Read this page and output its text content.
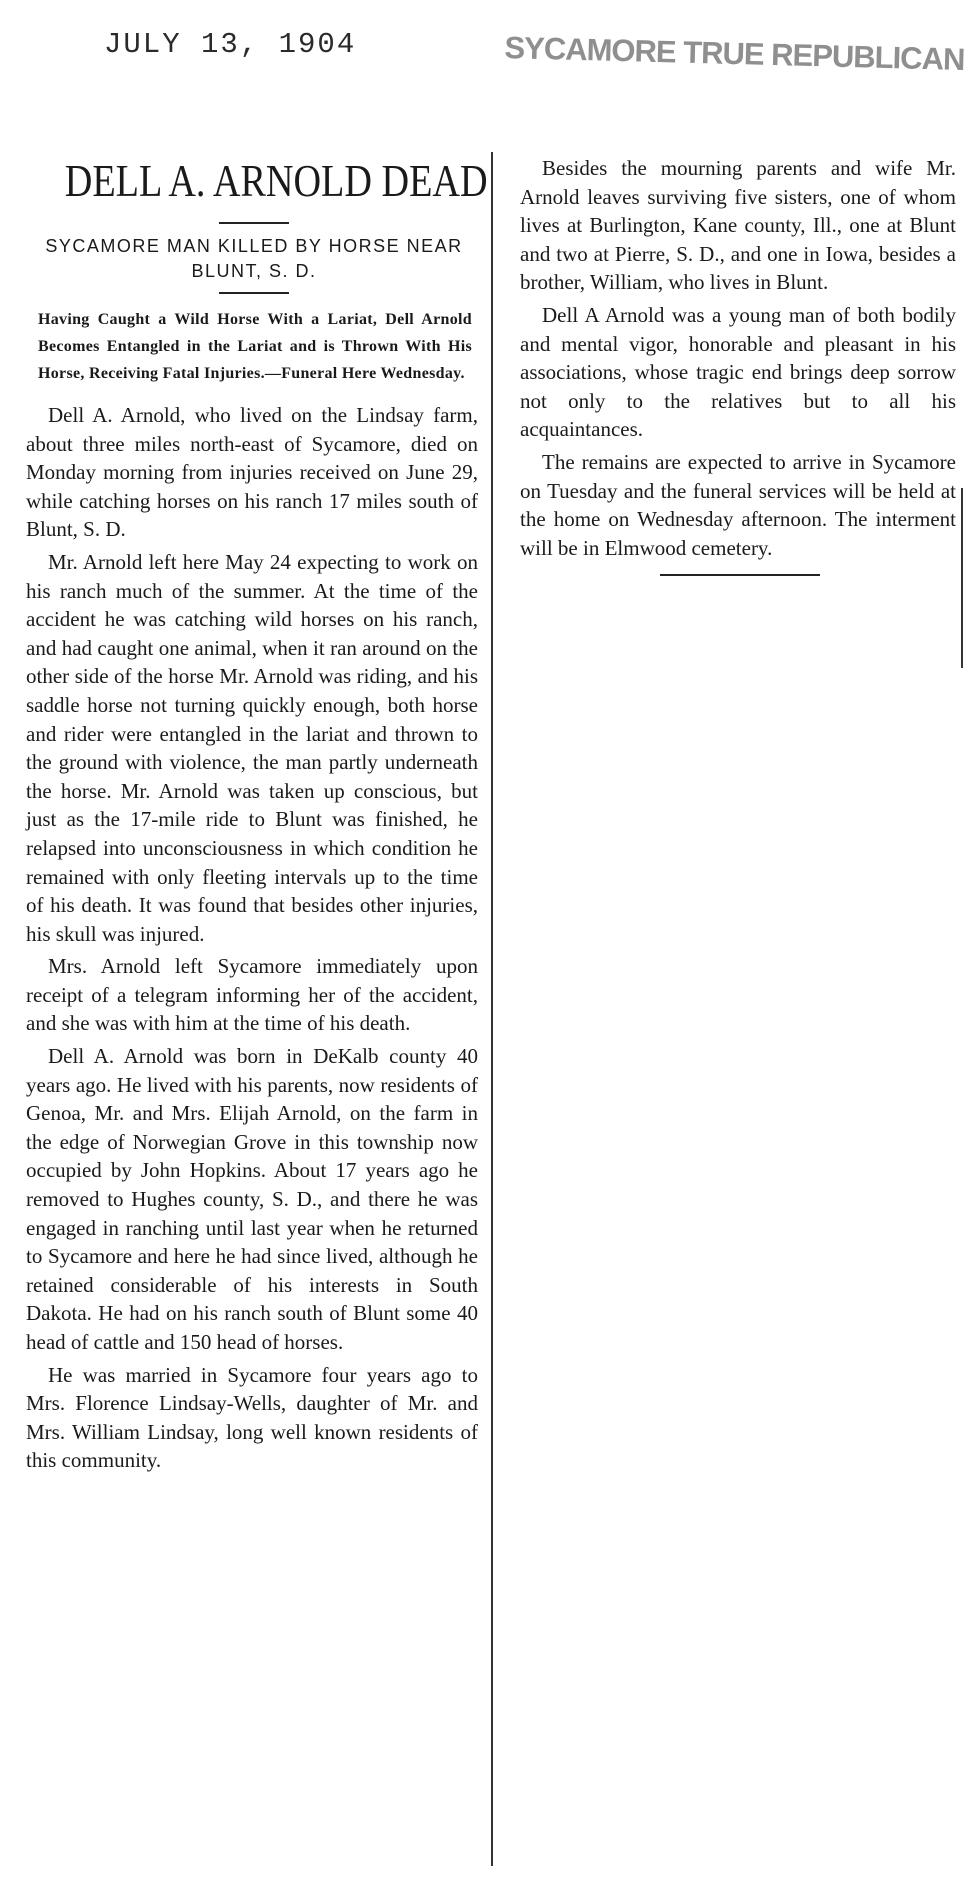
JULY 13, 1904	SYCAMORE TRUE REPUBLICAN
DELL A. ARNOLD DEAD
SYCAMORE MAN KILLED BY HORSE NEAR BLUNT, S. D.
Having Caught a Wild Horse With a Lariat, Dell Arnold Becomes Entangled in the Lariat and is Thrown With His Horse, Receiving Fatal Injuries.—Funeral Here Wednesday.

Dell A. Arnold, who lived on the Lindsay farm, about three miles north-east of Sycamore, died on Monday morning from injuries received on June 29, while catching horses on his ranch 17 miles south of Blunt, S. D.

Mr. Arnold left here May 24 expecting to work on his ranch much of the summer. At the time of the accident he was catching wild horses on his ranch, and had caught one animal, when it ran around on the other side of the horse Mr. Arnold was riding, and his saddle horse not turning quickly enough, both horse and rider were entangled in the lariat and thrown to the ground with violence, the man partly underneath the horse. Mr. Arnold was taken up conscious, but just as the 17-mile ride to Blunt was finished, he relapsed into unconsciousness in which condition he remained with only fleeting intervals up to the time of his death. It was found that besides other injuries, his skull was injured.

Mrs. Arnold left Sycamore immediately upon receipt of a telegram informing her of the accident, and she was with him at the time of his death.

Dell A. Arnold was born in DeKalb county 40 years ago. He lived with his parents, now residents of Genoa, Mr. and Mrs. Elijah Arnold, on the farm in the edge of Norwegian Grove in this township now occupied by John Hopkins. About 17 years ago he removed to Hughes county, S. D., and there he was engaged in ranching until last year when he returned to Sycamore and here he had since lived, although he retained considerable of his interests in South Dakota. He had on his ranch south of Blunt some 40 head of cattle and 150 head of horses.

He was married in Sycamore four years ago to Mrs. Florence Lindsay-Wells, daughter of Mr. and Mrs. William Lindsay, long well known residents of this community.

Besides the mourning parents and wife Mr. Arnold leaves surviving five sisters, one of whom lives at Burlington, Kane county, Ill., one at Blunt and two at Pierre, S. D., and one in Iowa, besides a brother, William, who lives in Blunt.

Dell A Arnold was a young man of both bodily and mental vigor, honorable and pleasant in his associations, whose tragic end brings deep sorrow not only to the relatives but to all his acquaintances.

The remains are expected to arrive in Sycamore on Tuesday and the funeral services will be held at the home on Wednesday afternoon. The interment will be in Elmwood cemetery.
